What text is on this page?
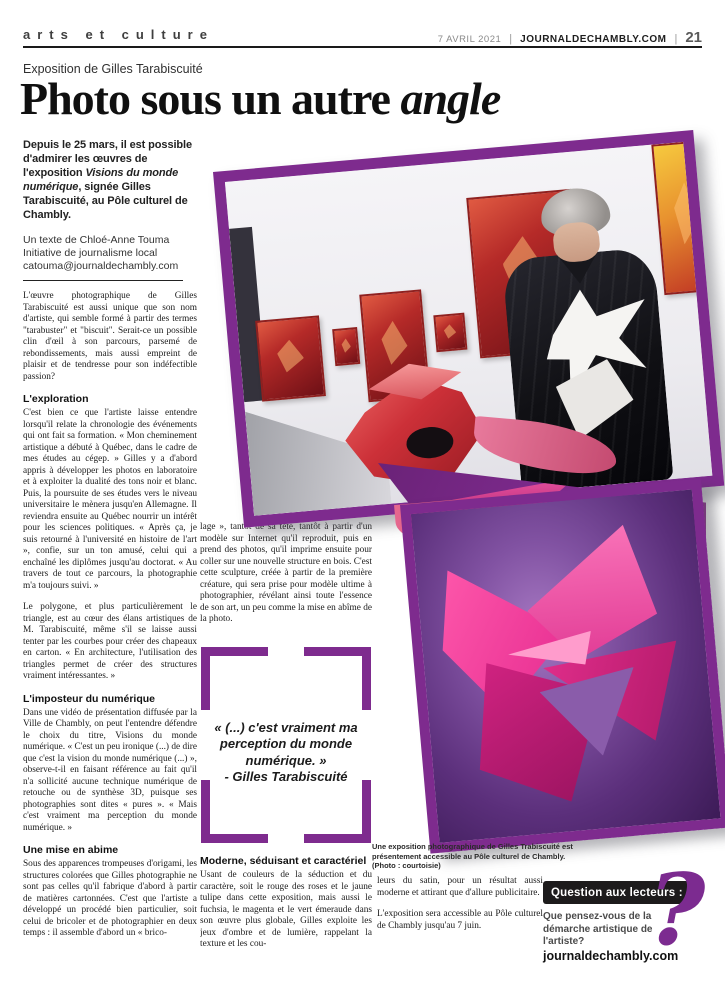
arts et culture	7 AVRIL 2021 | JOURNALDECHAMBLY.COM | 21
Exposition de Gilles Tarabiscuité
Photo sous un autre angle
Depuis le 25 mars, il est possible d'admirer les œuvres de l'exposition Visions du monde numérique, signée Gilles Tarabiscuité, au Pôle culturel de Chambly.
Un texte de Chloé-Anne Touma
Initiative de journalisme local
catouma@journaldechambly.com

L'œuvre photographique de Gilles Tarabiscuité est aussi unique que son nom d'artiste, qui semble formé à partir des termes "tarabuster" et "biscuit". Serait-ce un possible clin d'œil à son parcours, parsemé de rebondissements, mais aussi empreint de plaisir et de tendresse pour son indéfectible passion?

L'exploration

C'est bien ce que l'artiste laisse entendre lorsqu'il relate la chronologie des événements qui ont fait sa formation. « Mon cheminement artistique a débuté à Québec, dans le cadre de mes études au cégep. » Gilles y a d'abord appris à développer les photos en laboratoire et à exploiter la dualité des tons noir et blanc. Puis, la poursuite de ses études vers le niveau universitaire le mènera jusqu'en Allemagne. Il reviendra ensuite au Québec nourrir un intérêt pour les sciences politiques. « Après ça, je suis retourné à l'université en histoire de l'art », confie, sur un ton amusé, celui qui a enchaîné les diplômes jusqu'au doctorat. « Au travers de tout ce parcours, la photographie m'a toujours suivi. »

Le polygone, et plus particulièrement le triangle, est au cœur des élans artistiques de M. Tarabiscuité, même s'il se laisse aussi tenter par les courbes pour créer des chapeaux en carton. « En architecture, l'utilisation des triangles permet de créer des structures vraiment intéressantes. »

L'imposteur du numérique

Dans une vidéo de présentation diffusée par la Ville de Chambly, on peut l'entendre défendre le choix du titre, Visions du monde numérique. « C'est un peu ironique (...) de dire que c'est la vision du monde numérique (...) », observe-t-il en faisant référence au fait qu'il n'a sollicité aucune technique numérique de retouche ou de synthèse 3D, puisque ses photographies sont dites « pures ». « Mais c'est vraiment ma perception du monde numérique. »

Une mise en abime

Sous des apparences trompeuses d'origami, les structures colorées que Gilles photographie ne sont pas celles qu'il fabrique d'abord à partir de matières cartonnées. C'est que l'artiste a développé un procédé bien particulier, soit celui de bricoler et de photographier en deux temps : il assemble d'abord un « brico-

lage », tantôt de sa tête, tantôt à partir d'un modèle sur Internet qu'il reproduit, puis en prend des photos, qu'il imprime ensuite pour coller sur une nouvelle structure en bois. C'est cette sculpture, créée à partir de la première créature, qui sera prise pour modèle ultime à photographier, révélant ainsi toute l'essence de son art, un peu comme la mise en abîme de la photo.

« (...) c'est vraiment ma perception du monde numérique. »
- Gilles Tarabiscuité
Moderne, séduisant et caractériel

Usant de couleurs de la séduction et du caractère, soit le rouge des roses et le jaune tulipe dans cette exposition, mais aussi le fuchsia, le magenta et le vert émeraude dans son œuvre plus globale, Gilles exploite les jeux d'ombre et de lumière, rappelant la texture et les cou-

Une exposition photographique de Gilles Trabiscuité est présentement accessible au Pôle culturel de Chambly. (Photo : courtoisie)

leurs du satin, pour un résultat aussi moderne et attirant que d'allure publicitaire.

L'exposition sera accessible au Pôle culturel de Chambly jusqu'au 7 juin.

Question aux lecteurs :
Que pensez-vous de la démarche artistique de l'artiste?
journaldechambly.com
?
